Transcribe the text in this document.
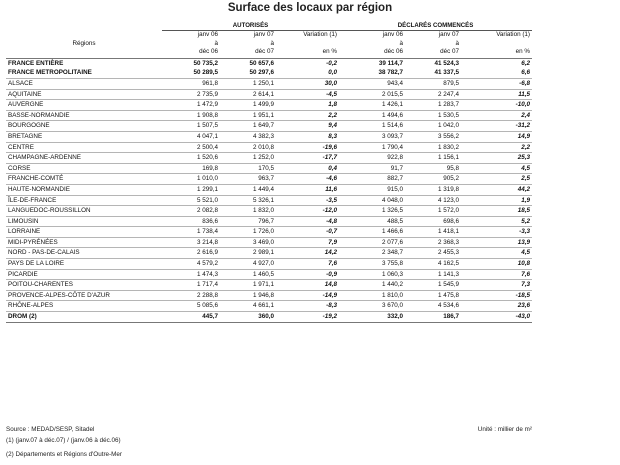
Surface des locaux par région
	AUTORISÉS			DÉCLARÉS COMMENCÉS		
	janv 06	janv 07	Variation (1)	janv 06	janv 07	Variation (1)
Régions	à	à		à	à	
	déc 06	déc 07	en %	déc 06	déc 07	en %

FRANCE ENTIÈRE	50 735,2	50 657,6	-0,2	39 114,7	41 524,3	6,2
FRANCE METROPOLITAINE	50 289,5	50 297,6	0,0	38 782,7	41 337,5	6,6
ALSACE	961,8	1 250,1	30,0	943,4	879,5	-6,8
AQUITAINE	2 735,9	2 614,1	-4,5	2 015,5	2 247,4	11,5
AUVERGNE	1 472,9	1 499,9	1,8	1 426,1	1 283,7	-10,0
BASSE-NORMANDIE	1 908,8	1 951,1	2,2	1 494,6	1 530,5	2,4
BOURGOGNE	1 507,5	1 649,7	9,4	1 514,6	1 042,0	-31,2
BRETAGNE	4 047,1	4 382,3	8,3	3 093,7	3 556,2	14,9
CENTRE	2 500,4	2 010,8	-19,6	1 790,4	1 830,2	2,2
CHAMPAGNE-ARDENNE	1 520,6	1 252,0	-17,7	922,8	1 156,1	25,3
CORSE	169,8	170,5	0,4	91,7	95,8	4,5
FRANCHE-COMTÉ	1 010,0	963,7	-4,6	882,7	905,2	2,5
HAUTE-NORMANDIE	1 299,1	1 449,4	11,6	915,0	1 319,8	44,2
ÎLE-DE-FRANCE	5 521,0	5 326,1	-3,5	4 048,0	4 123,0	1,9
LANGUEDOC-ROUSSILLON	2 082,8	1 832,0	-12,0	1 326,5	1 572,0	18,5
LIMOUSIN	836,6	796,7	-4,8	488,5	698,6	5,2
LORRAINE	1 738,4	1 726,0	-0,7	1 466,6	1 418,1	-3,3
MIDI-PYRÉNÉES	3 214,8	3 469,0	7,9	2 077,6	2 368,3	13,9
NORD - PAS-DE-CALAIS	2 616,9	2 989,1	14,2	2 348,7	2 455,3	4,5
PAYS DE LA LOIRE	4 579,2	4 927,0	7,6	3 755,8	4 162,5	10,8
PICARDIE	1 474,3	1 460,5	-0,9	1 060,3	1 141,3	7,6
POITOU-CHARENTES	1 717,4	1 971,1	14,8	1 440,2	1 545,9	7,3
PROVENCE-ALPES-CÔTE D'AZUR	2 288,8	1 946,8	-14,9	1 810,0	1 475,8	-18,5
RHÔNE-ALPES	5 085,6	4 661,1	-8,3	3 670,0	4 534,6	23,6
DROM (2)	445,7	360,0	-19,2	332,0	186,7	-43,0
Source : MEDAD/SESP, Sitadel	Unité : millier de m²
(1) (janv.07 à déc.07) / (janv.06 à déc.06)
(2) Départements et Régions d'Outre-Mer
